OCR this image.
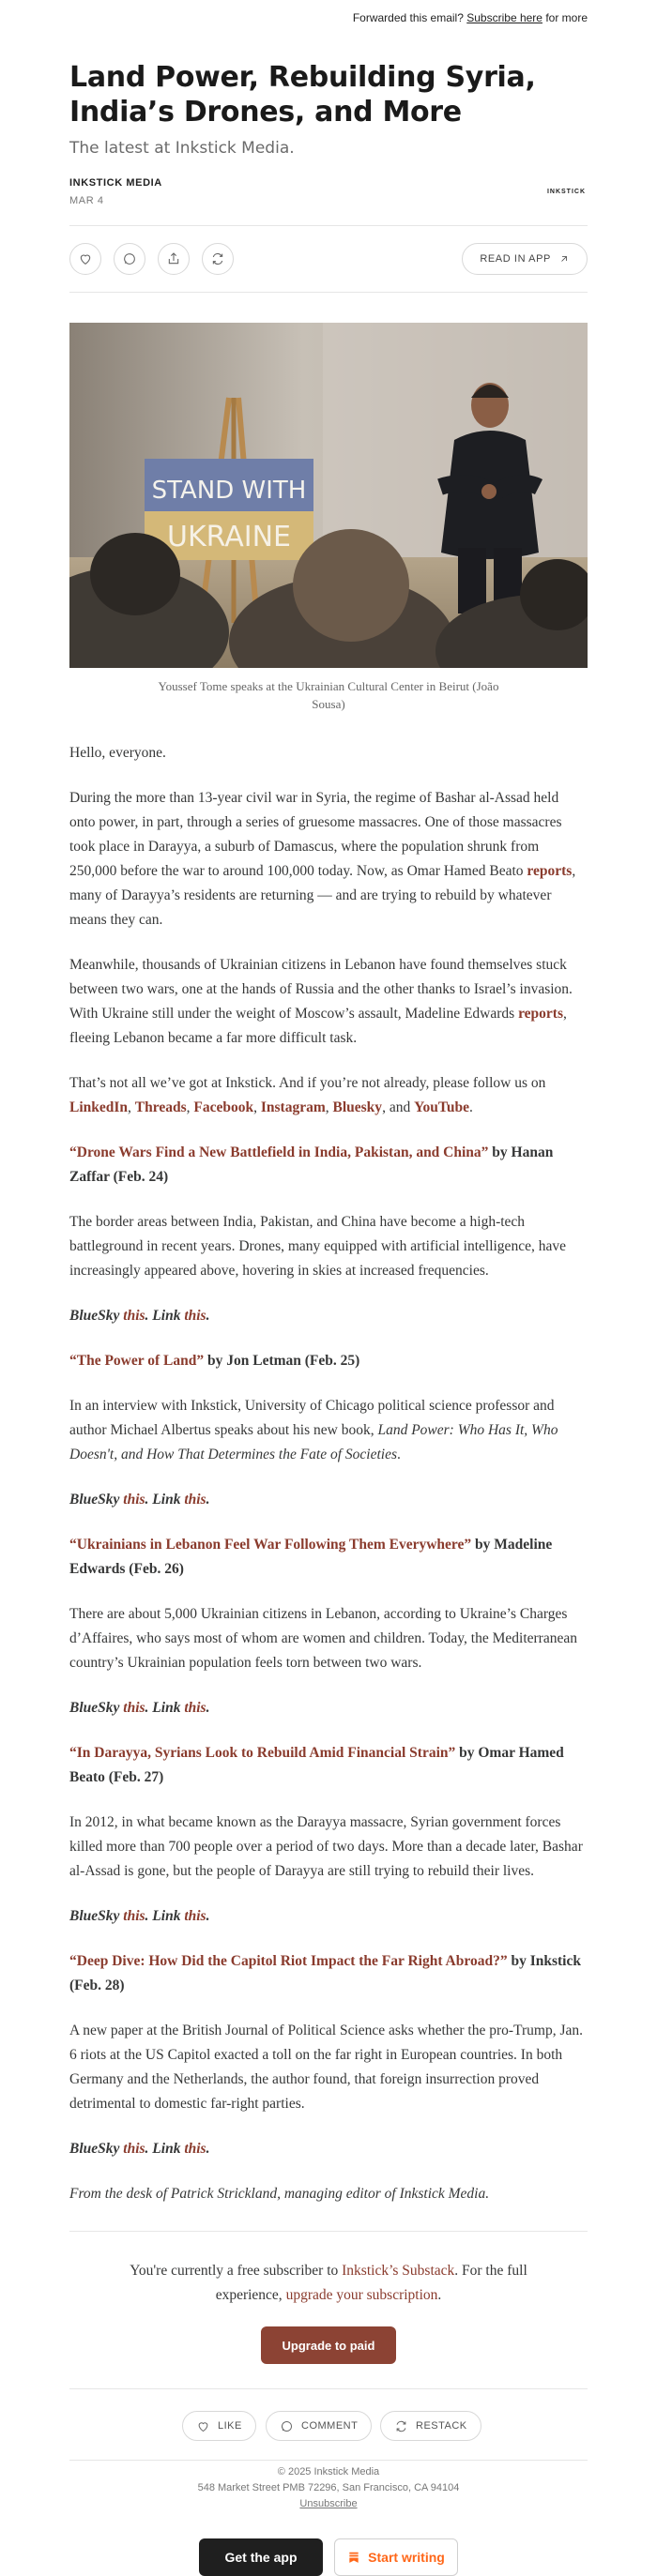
Forwarded this email? Subscribe here for more
Land Power, Rebuilding Syria, India’s Drones, and More
The latest at Inkstick Media.
INKSTICK MEDIA
MAR 4
INKSTICK
READ IN APP
STAND WITH
UKRAINE
Youssef Tome speaks at the Ukrainian Cultural Center in Beirut (João Sousa)

Hello, everyone.

During the more than 13-year civil war in Syria, the regime of Bashar al-Assad held onto power, in part, through a series of gruesome massacres. One of those massacres took place in Darayya, a suburb of Damascus, where the population shrunk from 250,000 before the war to around 100,000 today. Now, as Omar Hamed Beato reports, many of Darayya’s residents are returning — and are trying to rebuild by whatever means they can.

Meanwhile, thousands of Ukrainian citizens in Lebanon have found themselves stuck between two wars, one at the hands of Russia and the other thanks to Israel’s invasion. With Ukraine still under the weight of Moscow’s assault, Madeline Edwards reports, fleeing Lebanon became a far more difficult task.

That’s not all we’ve got at Inkstick. And if you’re not already, please follow us on LinkedIn, Threads, Facebook, Instagram, Bluesky, and YouTube.

“Drone Wars Find a New Battlefield in India, Pakistan, and China” by Hanan Zaffar (Feb. 24)

The border areas between India, Pakistan, and China have become a high-tech battleground in recent years. Drones, many equipped with artificial intelligence, have increasingly appeared above, hovering in skies at increased frequencies.

BlueSky this. Link this.

“The Power of Land” by Jon Letman (Feb. 25)

In an interview with Inkstick, University of Chicago political science professor and author Michael Albertus speaks about his new book, Land Power: Who Has It, Who Doesn't, and How That Determines the Fate of Societies.

BlueSky this. Link this.

“Ukrainians in Lebanon Feel War Following Them Everywhere” by Madeline Edwards (Feb. 26)

There are about 5,000 Ukrainian citizens in Lebanon, according to Ukraine’s Charges d’Affaires, who says most of whom are women and children. Today, the Mediterranean country’s Ukrainian population feels torn between two wars.

BlueSky this. Link this.

“In Darayya, Syrians Look to Rebuild Amid Financial Strain” by Omar Hamed Beato (Feb. 27)

In 2012, in what became known as the Darayya massacre, Syrian government forces killed more than 700 people over a period of two days. More than a decade later, Bashar al-Assad is gone, but the people of Darayya are still trying to rebuild their lives.

BlueSky this. Link this.

“Deep Dive: How Did the Capitol Riot Impact the Far Right Abroad?” by Inkstick (Feb. 28)

A new paper at the British Journal of Political Science asks whether the pro-Trump, Jan. 6 riots at the US Capitol exacted a toll on the far right in European countries. In both Germany and the Netherlands, the author found, that foreign insurrection proved detrimental to domestic far-right parties.

BlueSky this. Link this.

From the desk of Patrick Strickland, managing editor of Inkstick Media.

You're currently a free subscriber to Inkstick’s Substack. For the full experience, upgrade your subscription.
Upgrade to paid
LIKE	COMMENT	RESTACK
© 2025 Inkstick Media
548 Market Street PMB 72296, San Francisco, CA 94104
Unsubscribe
Get the app	Start writing
